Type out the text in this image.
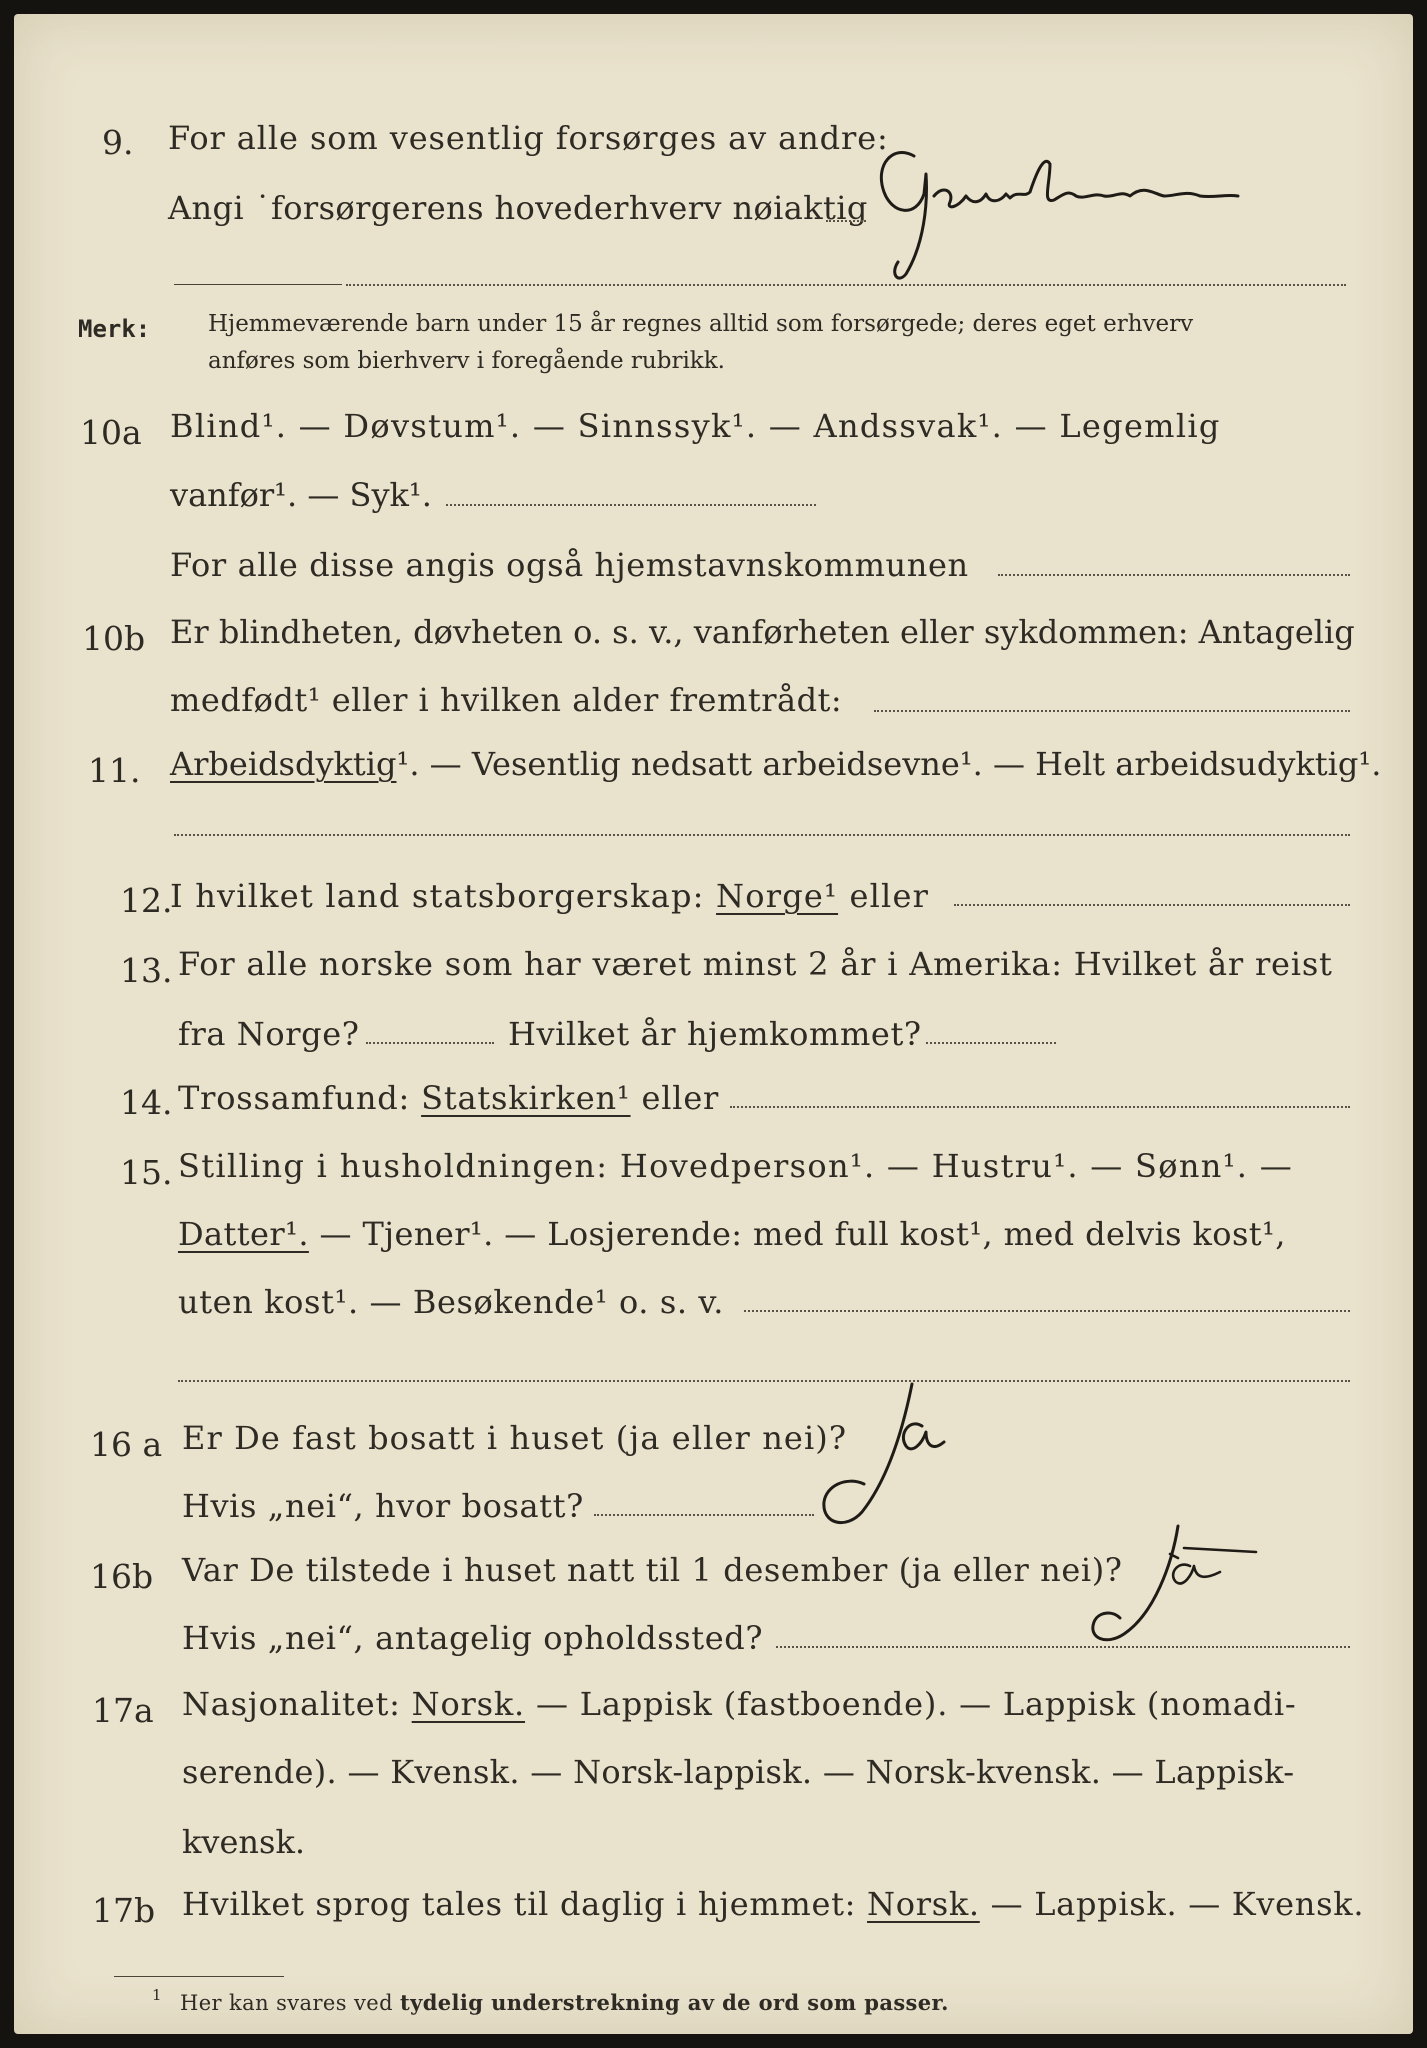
9. For alle som vesentlig forsørges av andre:
Angi ˙forsørgerens hovederhverv nøiaktig
Merk:	Hjemmeværende barn under 15 år regnes alltid som forsørgede; deres eget erhverv
anføres som bierhverv i foregående rubrikk.
10a Blind¹. — Døvstum¹. — Sinnssyk¹. — Andssvak¹. — Legemlig
vanfør¹. — Syk¹.
For alle disse angis også hjemstavnskommunen
10b Er blindheten, døvheten o. s. v., vanførheten eller sykdommen: Antagelig
medfødt¹ eller i hvilken alder fremtrådt:
11. Arbeidsdyktig¹. — Vesentlig nedsatt arbeidsevne¹. — Helt arbeidsudyktig¹.
12.
I hvilket land statsborgerskap: Norge¹ eller
13. For alle norske som har været minst 2 år i Amerika: Hvilket år reist
fra Norge?	Hvilket år hjemkommet?
14. Trossamfund: Statskirken¹ eller
15. Stilling i husholdningen: Hovedperson¹. — Hustru¹. — Sønn¹. —
Datter¹. — Tjener¹. — Losjerende: med full kost¹, med delvis kost¹,
uten kost¹. — Besøkende¹ o. s. v.
16 a Er De fast bosatt i huset (ja eller nei)?
Hvis „nei“, hvor bosatt?
16b Var De tilstede i huset natt til 1 desember (ja eller nei)?
Hvis „nei“, antagelig opholdssted?
17a Nasjonalitet: Norsk. — Lappisk (fastboende). — Lappisk (nomadi-
serende). — Kvensk. — Norsk-lappisk. — Norsk-kvensk. — Lappisk-
kvensk.
17b Hvilket sprog tales til daglig i hjemmet: Norsk. — Lappisk. — Kvensk.
1 Her kan svares ved tydelig understrekning av de ord som passer.
